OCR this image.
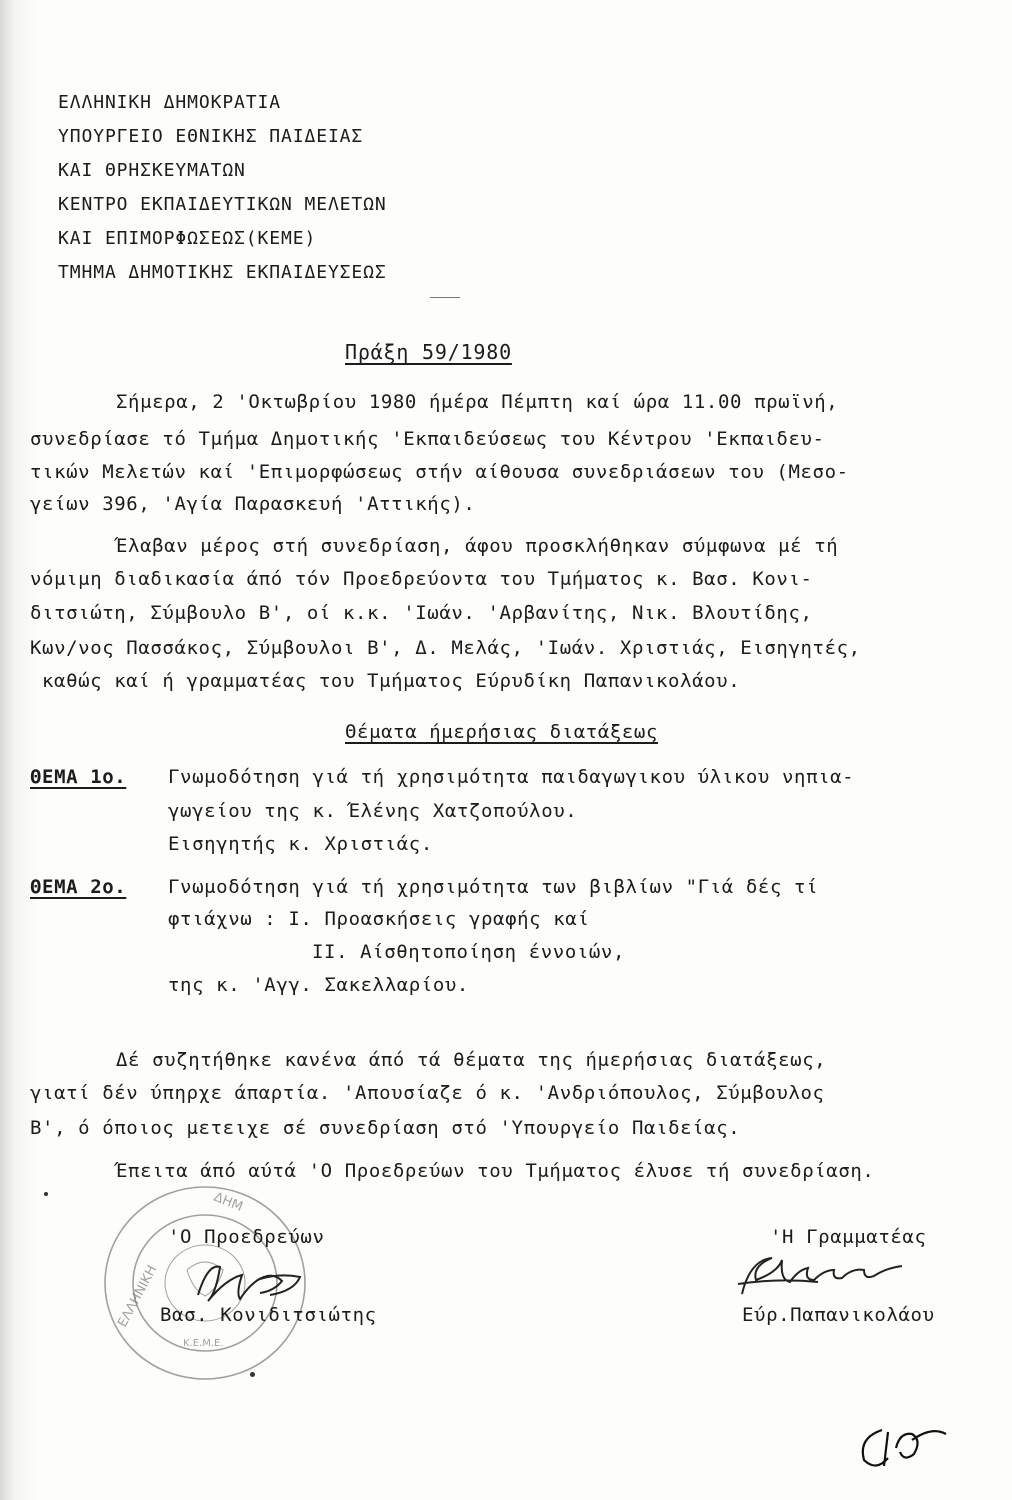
ΕΛΛΗΝΙΚΗ ΔΗΜΟΚΡΑΤΙΑ
ΥΠΟΥΡΓΕΙΟ ΕΘΝΙΚΗΣ ΠΑΙΔΕΙΑΣ
ΚΑΙ ΘΡΗΣΚΕΥΜΑΤΩΝ
ΚΕΝΤΡΟ ΕΚΠΑΙΔΕΥΤΙΚΩΝ ΜΕΛΕΤΩΝ
ΚΑΙ ΕΠΙΜΟΡΦΩΣΕΩΣ(ΚΕΜΕ)
ΤΜΗΜΑ ΔΗΜΟΤΙΚΗΣ ΕΚΠΑΙΔΕΥΣΕΩΣ
Πράξη 59/1980
Σήμερα, 2 'Οκτωβρίου 1980 ήμέρα Πέμπτη καί ώρα 11.00 πρωϊνή,
συνεδρίασε τό Τμήμα Δημοτικής 'Εκπαιδεύσεως του Κέντρου 'Εκπαιδευ-
τικών Μελετών καί 'Επιμορφώσεως στήν αίθουσα συνεδριάσεων του (Μεσο-
γείων 396, 'Αγία Παρασκευή 'Αττικής).
Έλαβαν μέρος στή συνεδρίαση, άφου προσκλήθηκαν σύμφωνα μέ τή
νόμιμη διαδικασία άπό τόν Προεδρεύοντα του Τμήματος κ. Βασ. Κονι-
διτσιώτη, Σύμβουλο Β', οί κ.κ. 'Ιωάν. 'Αρβανίτης, Νικ. Βλουτίδης,
Κων/νος Πασσάκος, Σύμβουλοι Β', Δ. Μελάς, 'Ιωάν. Χριστιάς, Εισηγητές,
καθώς καί ή γραμματέας του Τμήματος Εύρυδίκη Παπανικολάου.
Θέματα ήμερήσιας διατάξεως
ΘΕΜΑ 1ο. Γνωμοδότηση γιά τή χρησιμότητα παιδαγωγικου ύλικου νηπια-
γωγείου της κ. Έλένης Χατζοπούλου.
Εισηγητής κ. Χριστιάς.
ΘΕΜΑ 2ο. Γνωμοδότηση γιά τή χρησιμότητα των βιβλίων "Γιά δές τί
φτιάχνω : Ι. Προασκήσεις γραφής καί
ΙΙ. Αίσθητοποίηση έννοιών,
της κ. 'Αγγ. Σακελλαρίου.
Δέ συζητήθηκε κανένα άπό τά θέματα της ήμερήσιας διατάξεως,
γιατί δέν ύπηρχε άπαρτία. 'Απουσίαζε ό κ. 'Ανδριόπουλος, Σύμβουλος
Β', ό όποιος μετειχε σέ συνεδρίαση στό 'Υπουργείο Παιδείας.
Έπειτα άπό αύτά 'Ο Προεδρεύων του Τμήματος έλυσε τή συνεδρίαση.
ΕΛΛΗΝΙΚΗ
ΔΗΜ
Κ.Ε.Μ.Ε.
'Ο Προεδρεύων
Βασ. Κονιδιτσιώτης
'Η Γραμματέας
Εύρ.Παπανικολάου
